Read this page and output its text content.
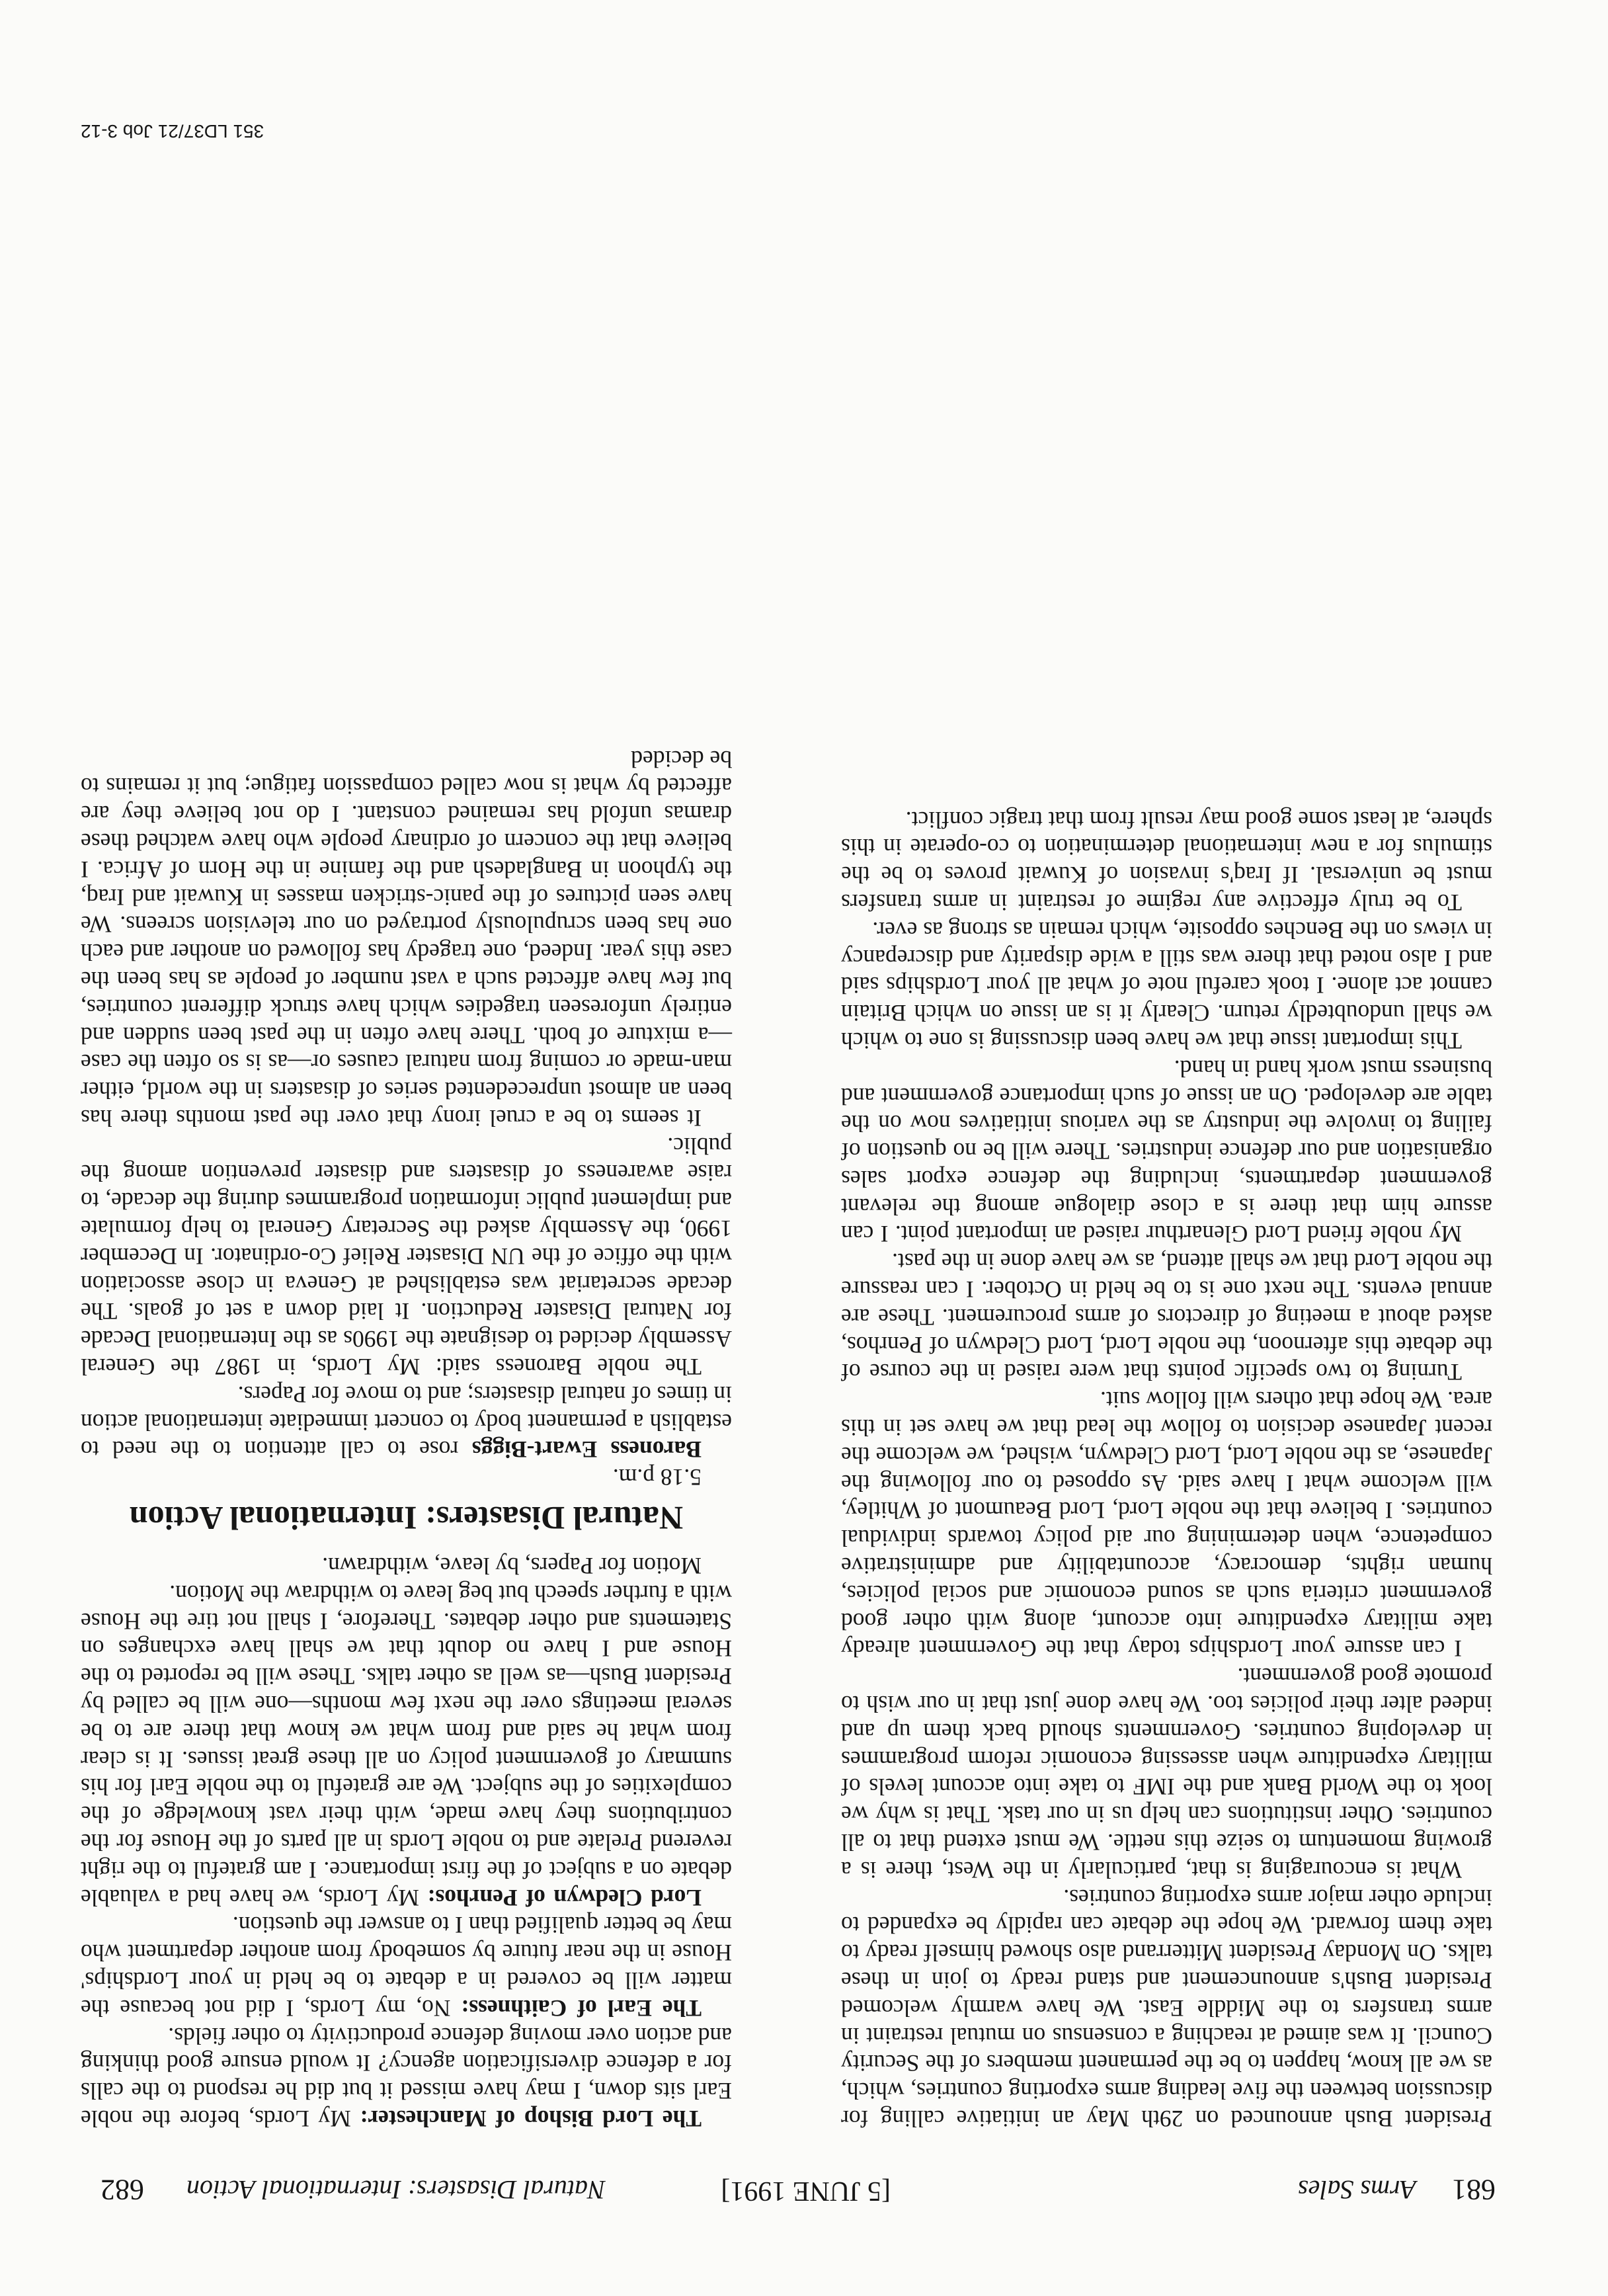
681
Arms Sales
[5 JUNE 1991]
Natural Disasters: International Action
682

President Bush announced on 29th May an initiative calling for discussion between the five leading arms exporting countries, which, as we all know, happen to be the permanent members of the Security Council. It was aimed at reaching a consensus on mutual restraint in arms transfers to the Middle East. We have warmly welcomed President Bush's announcement and stand ready to join in these talks. On Monday President Mitterrand also showed himself ready to take them forward. We hope the debate can rapidly be expanded to include other major arms exporting countries.

What is encouraging is that, particularly in the West, there is a growing momentum to seize this nettle. We must extend that to all countries. Other institutions can help us in our task. That is why we look to the World Bank and the IMF to take into account levels of military expenditure when assessing economic reform programmes in developing countries. Governments should back them up and indeed alter their policies too. We have done just that in our wish to promote good government.

I can assure your Lordships today that the Government already take military expenditure into account, along with other good government criteria such as sound economic and social policies, human rights, democracy, accountability and administrative competence, when determining our aid policy towards individual countries. I believe that the noble Lord, Lord Beaumont of Whitley, will welcome what I have said. As opposed to our following the Japanese, as the noble Lord, Lord Cledwyn, wished, we welcome the recent Japanese decision to follow the lead that we have set in this area. We hope that others will follow suit.

Turning to two specific points that were raised in the course of the debate this afternoon, the noble Lord, Lord Cledwyn of Penrhos, asked about a meeting of directors of arms procurement. These are annual events. The next one is to be held in October. I can reassure the noble Lord that we shall attend, as we have done in the past.

My noble friend Lord Glenarthur raised an important point. I can assure him that there is a close dialogue among the relevant government departments, including the defence export sales organisation and our defence industries. There will be no question of failing to involve the industry as the various initiatives now on the table are developed. On an issue of such importance government and business must work hand in hand.

This important issue that we have been discussing is one to which we shall undoubtedly return. Clearly it is an issue on which Britain cannot act alone. I took careful note of what all your Lordships said and I also noted that there was still a wide disparity and discrepancy in views on the Benches opposite, which remain as strong as ever.

To be truly effective any regime of restraint in arms transfers must be universal. If Iraq's invasion of Kuwait proves to be the stimulus for a new international determination to co-operate in this sphere, at least some good may result from that tragic conflict.

The Lord Bishop of Manchester: My Lords, before the noble Earl sits down, I may have missed it but did he respond to the calls for a defence diversification agency? It would ensure good thinking and action over moving defence productivity to other fields.

The Earl of Caithness: No, my Lords, I did not because the matter will be covered in a debate to be held in your Lordships' House in the near future by somebody from another department who may be better qualified than I to answer the question.

Lord Cledwyn of Penrhos: My Lords, we have had a valuable debate on a subject of the first importance. I am grateful to the right reverend Prelate and to noble Lords in all parts of the House for the contributions they have made, with their vast knowledge of the complexities of the subject. We are grateful to the noble Earl for his summary of government policy on all these great issues. It is clear from what he said and from what we know that there are to be several meetings over the next few months—one will be called by President Bush—as well as other talks. These will be reported to the House and I have no doubt that we shall have exchanges on Statements and other debates. Therefore, I shall not tire the House with a further speech but beg leave to withdraw the Motion.

Motion for Papers, by leave, withdrawn.

Natural Disasters: International Action

5.18 p.m.

Baroness Ewart-Biggs rose to call attention to the need to establish a permanent body to concert immediate international action in times of natural disasters; and to move for Papers.

The noble Baroness said: My Lords, in 1987 the General Assembly decided to designate the 1990s as the International Decade for Natural Disaster Reduction. It laid down a set of goals. The decade secretariat was established at Geneva in close association with the office of the UN Disaster Relief Co-ordinator. In December 1990, the Assembly asked the Secretary General to help formulate and implement public information programmes during the decade, to raise awareness of disasters and disaster prevention among the public.

It seems to be a cruel irony that over the past months there has been an almost unprecedented series of disasters in the world, either man-made or coming from natural causes or—as is so often the case—a mixture of both. There have often in the past been sudden and entirely unforeseen tragedies which have struck different countries, but few have affected such a vast number of people as has been the case this year. Indeed, one tragedy has followed on another and each one has been scrupulously portrayed on our television screens. We have seen pictures of the panic-stricken masses in Kuwait and Iraq, the typhoon in Bangladesh and the famine in the Horn of Africa. I believe that the concern of ordinary people who have watched these dramas unfold has remained constant. I do not believe they are affected by what is now called compassion fatigue; but it remains to be decided

351 LD37/21 Job 3-12
